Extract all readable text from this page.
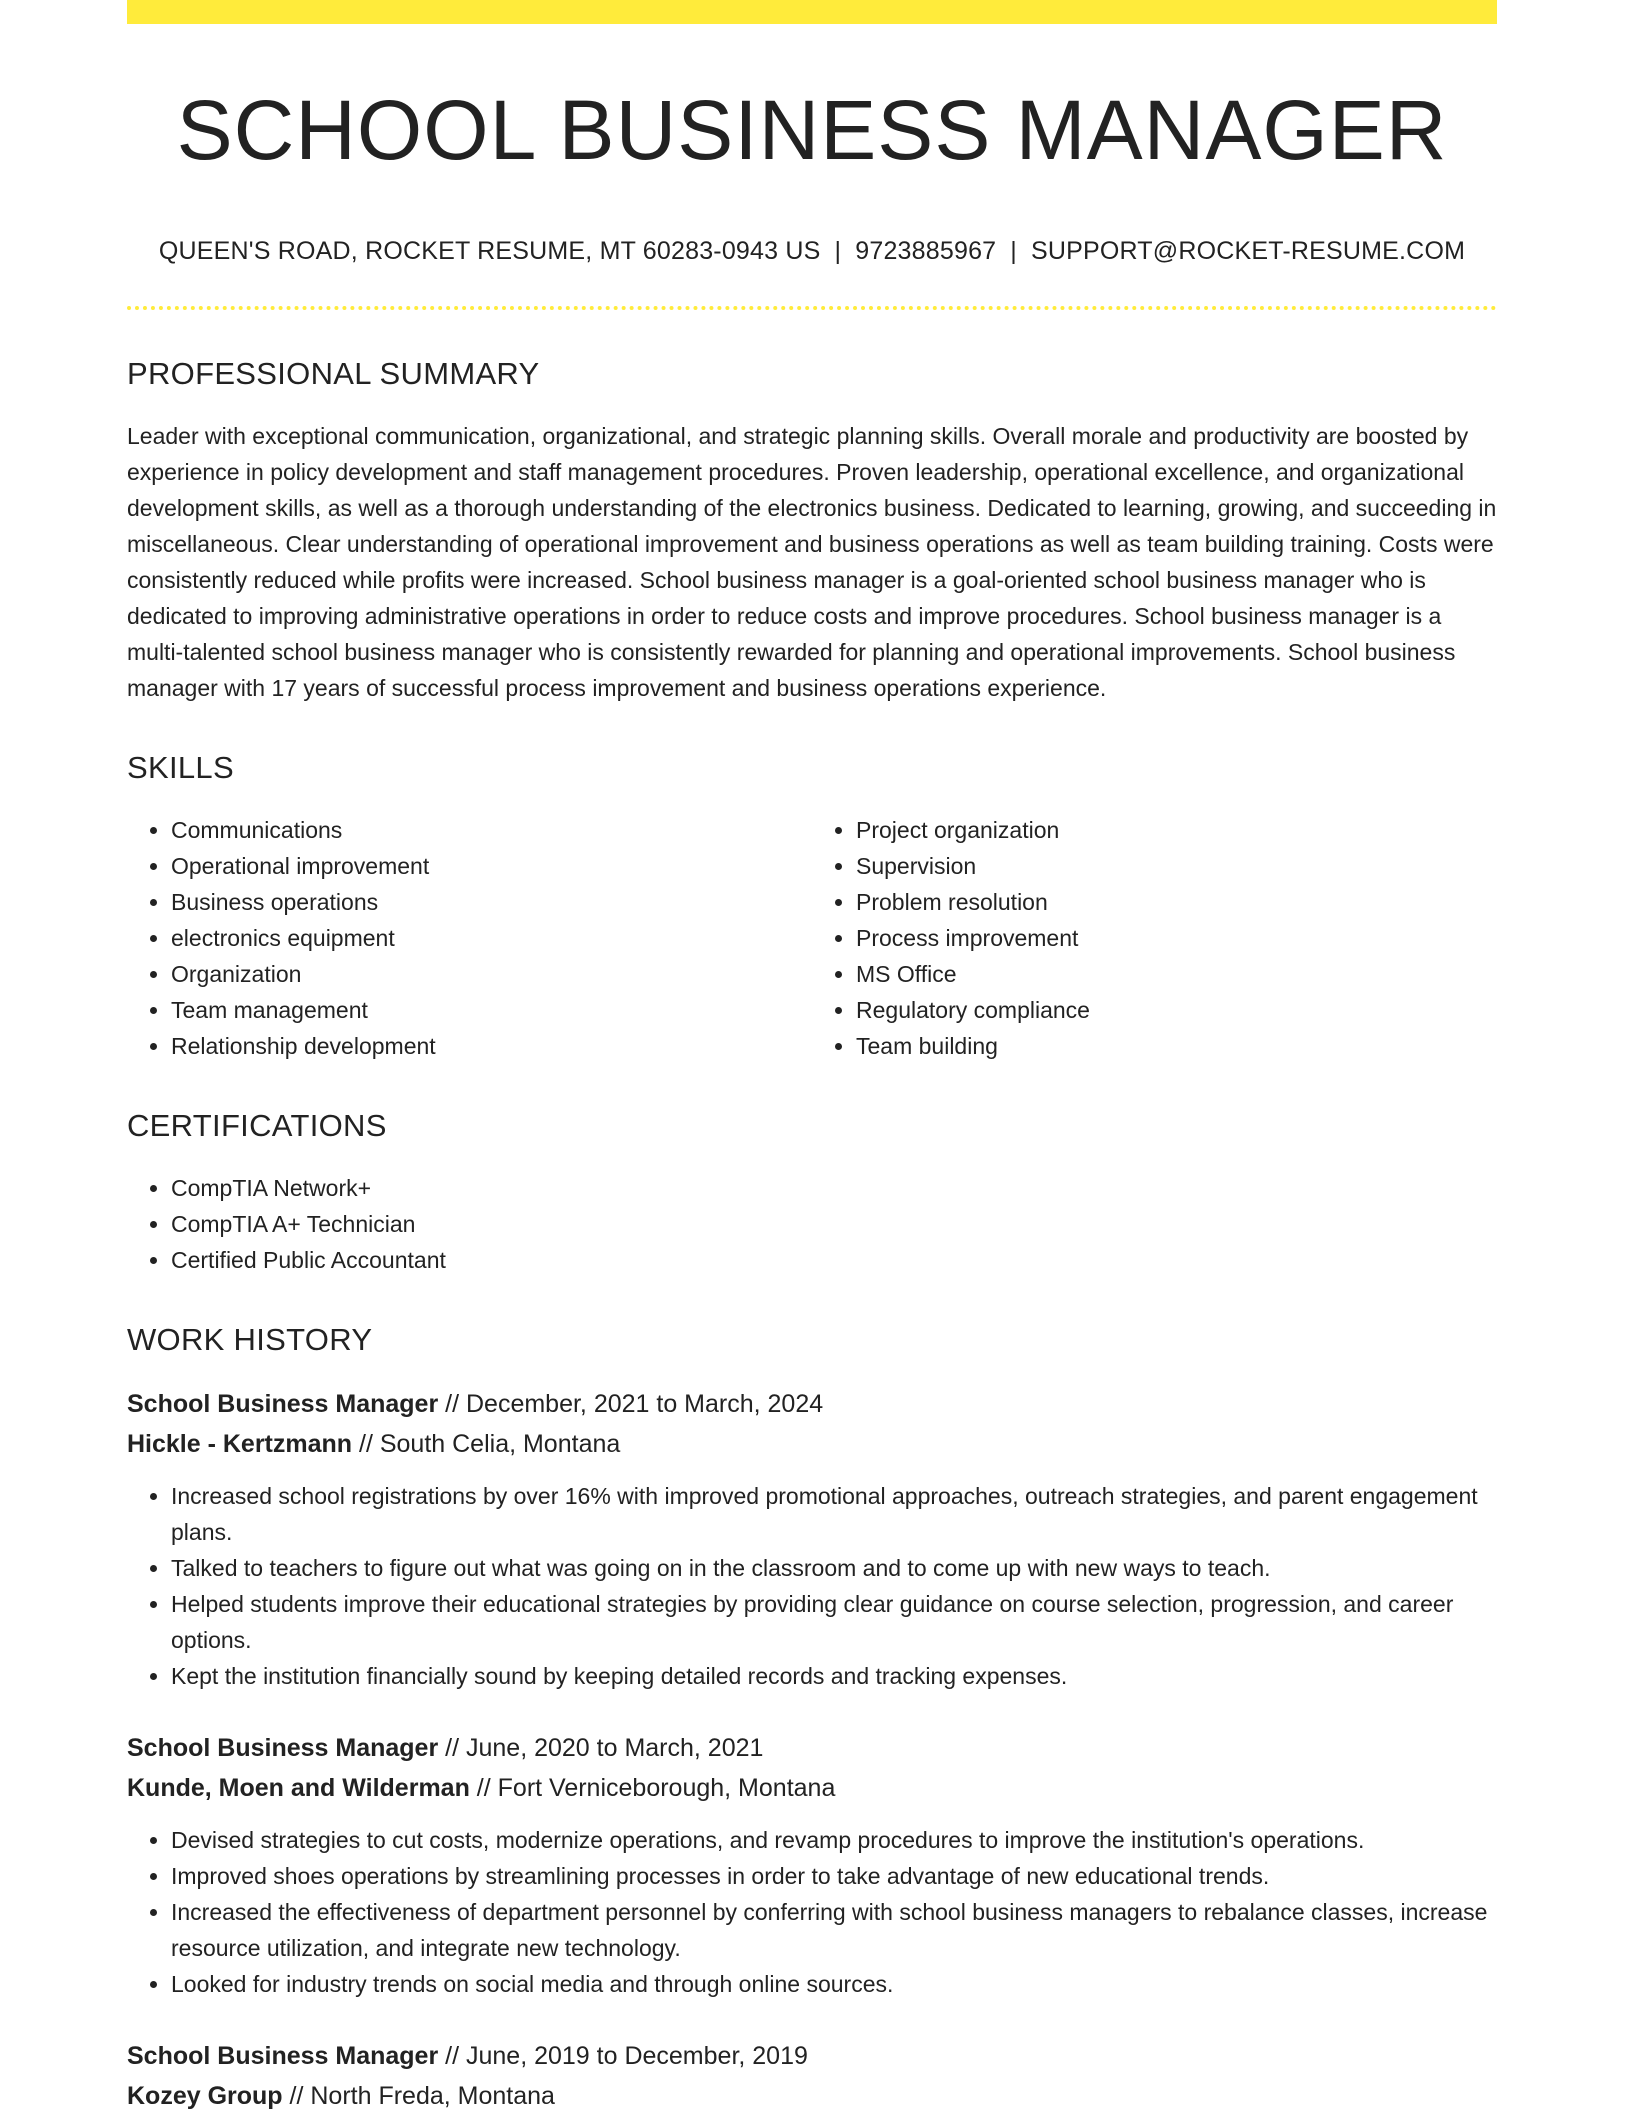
SCHOOL BUSINESS MANAGER
QUEEN'S ROAD, ROCKET RESUME, MT 60283-0943 US | 9723885967 | SUPPORT@ROCKET-RESUME.COM
PROFESSIONAL SUMMARY

Leader with exceptional communication, organizational, and strategic planning skills. Overall morale and productivity are boosted by experience in policy development and staff management procedures. Proven leadership, operational excellence, and organizational development skills, as well as a thorough understanding of the electronics business. Dedicated to learning, growing, and succeeding in miscellaneous. Clear understanding of operational improvement and business operations as well as team building training. Costs were consistently reduced while profits were increased. School business manager is a goal-oriented school business manager who is dedicated to improving administrative operations in order to reduce costs and improve procedures. School business manager is a multi-talented school business manager who is consistently rewarded for planning and operational improvements. School business manager with 17 years of successful process improvement and business operations experience.

SKILLS
• Communications
• Operational improvement
• Business operations
• electronics equipment
• Organization
• Team management
• Relationship development
• Project organization
• Supervision
• Problem resolution
• Process improvement
• MS Office
• Regulatory compliance
• Team building
CERTIFICATIONS
• CompTIA Network+
• CompTIA A+ Technician
• Certified Public Accountant
WORK HISTORY
School Business Manager // December, 2021 to March, 2024
Hickle - Kertzmann // South Celia, Montana
• Increased school registrations by over 16% with improved promotional approaches, outreach strategies, and parent engagement plans.
• Talked to teachers to figure out what was going on in the classroom and to come up with new ways to teach.
• Helped students improve their educational strategies by providing clear guidance on course selection, progression, and career options.
• Kept the institution financially sound by keeping detailed records and tracking expenses.
School Business Manager // June, 2020 to March, 2021
Kunde, Moen and Wilderman // Fort Verniceborough, Montana
• Devised strategies to cut costs, modernize operations, and revamp procedures to improve the institution's operations.
• Improved shoes operations by streamlining processes in order to take advantage of new educational trends.
• Increased the effectiveness of department personnel by conferring with school business managers to rebalance classes, increase resource utilization, and integrate new technology.
• Looked for industry trends on social media and through online sources.
School Business Manager // June, 2019 to December, 2019
Kozey Group // North Freda, Montana
